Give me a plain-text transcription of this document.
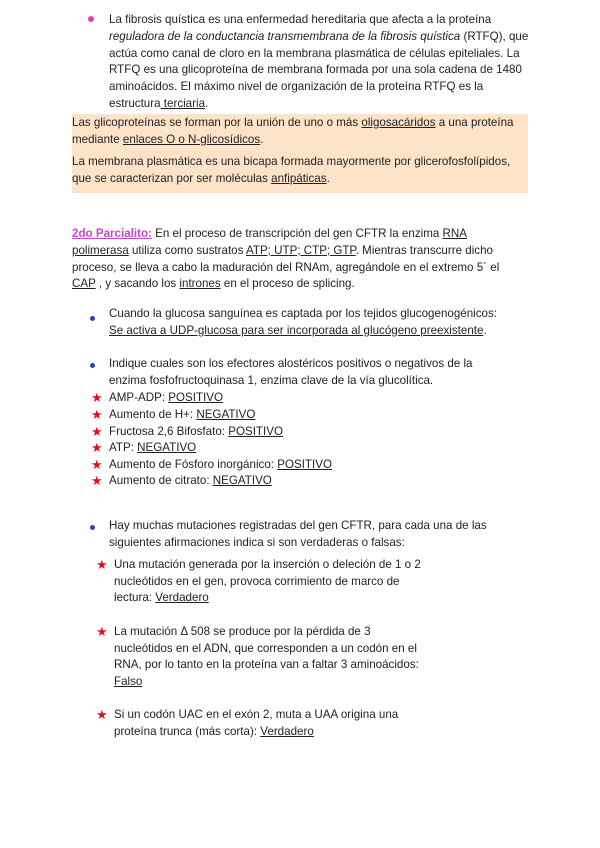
La fibrosis quística es una enfermedad hereditaria que afecta a la proteína reguladora de la conductancia transmembrana de la fibrosis quística (RTFQ), que actúa como canal de cloro en la membrana plasmática de células epiteliales. La RTFQ es una glicoproteína de membrana formada por una sola cadena de 1480 aminoácidos. El máximo nivel de organización de la proteína RTFQ es la estructura terciaria.

Las glicoproteínas se forman por la unión de uno o más oligosacáridos a una proteína mediante enlaces O o N-glicosídicos.

La membrana plasmática es una bicapa formada mayormente por glicerofosfolípidos, que se caracterizan por ser moléculas anfipáticas.

2do Parcialito: En el proceso de transcripción del gen CFTR la enzima RNA polimerasa utiliza como sustratos ATP; UTP; CTP; GTP. Mientras transcurre dicho proceso, se lleva a cabo la maduración del RNAm, agregándole en el extremo 5´ el CAP , y sacando los intrones en el proceso de splicing.
Cuando la glucosa sanguínea es captada por los tejidos glucogenogénicos:
Se activa a UDP-glucosa para ser incorporada al glucógeno preexistente.
Indique cuales son los efectores alostéricos positivos o negativos de la enzima fosfofructoquinasa 1, enzima clave de la vía glucolítica.
★ AMP-ADP: POSITIVO
★ Aumento de H+: NEGATIVO
★ Fructosa 2,6 Bifosfato: POSITIVO
★ ATP: NEGATIVO
★ Aumento de Fósforo inorgánico: POSITIVO
★ Aumento de citrato: NEGATIVO
Hay muchas mutaciones registradas del gen CFTR, para cada una de las siguientes afirmaciones indica si son verdaderas o falsas:
★ Una mutación generada por la inserción o deleción de 1 o 2 nucleótidos en el gen, provoca corrimiento de marco de lectura: Verdadero
★ La mutación Δ 508 se produce por la pérdida de 3 nucleótidos en el ADN, que corresponden a un codón en el RNA, por lo tanto en la proteína van a faltar 3 aminoácidos: Falso
★ Si un codón UAC en el exón 2, muta a UAA origina una proteína trunca (más corta): Verdadero
